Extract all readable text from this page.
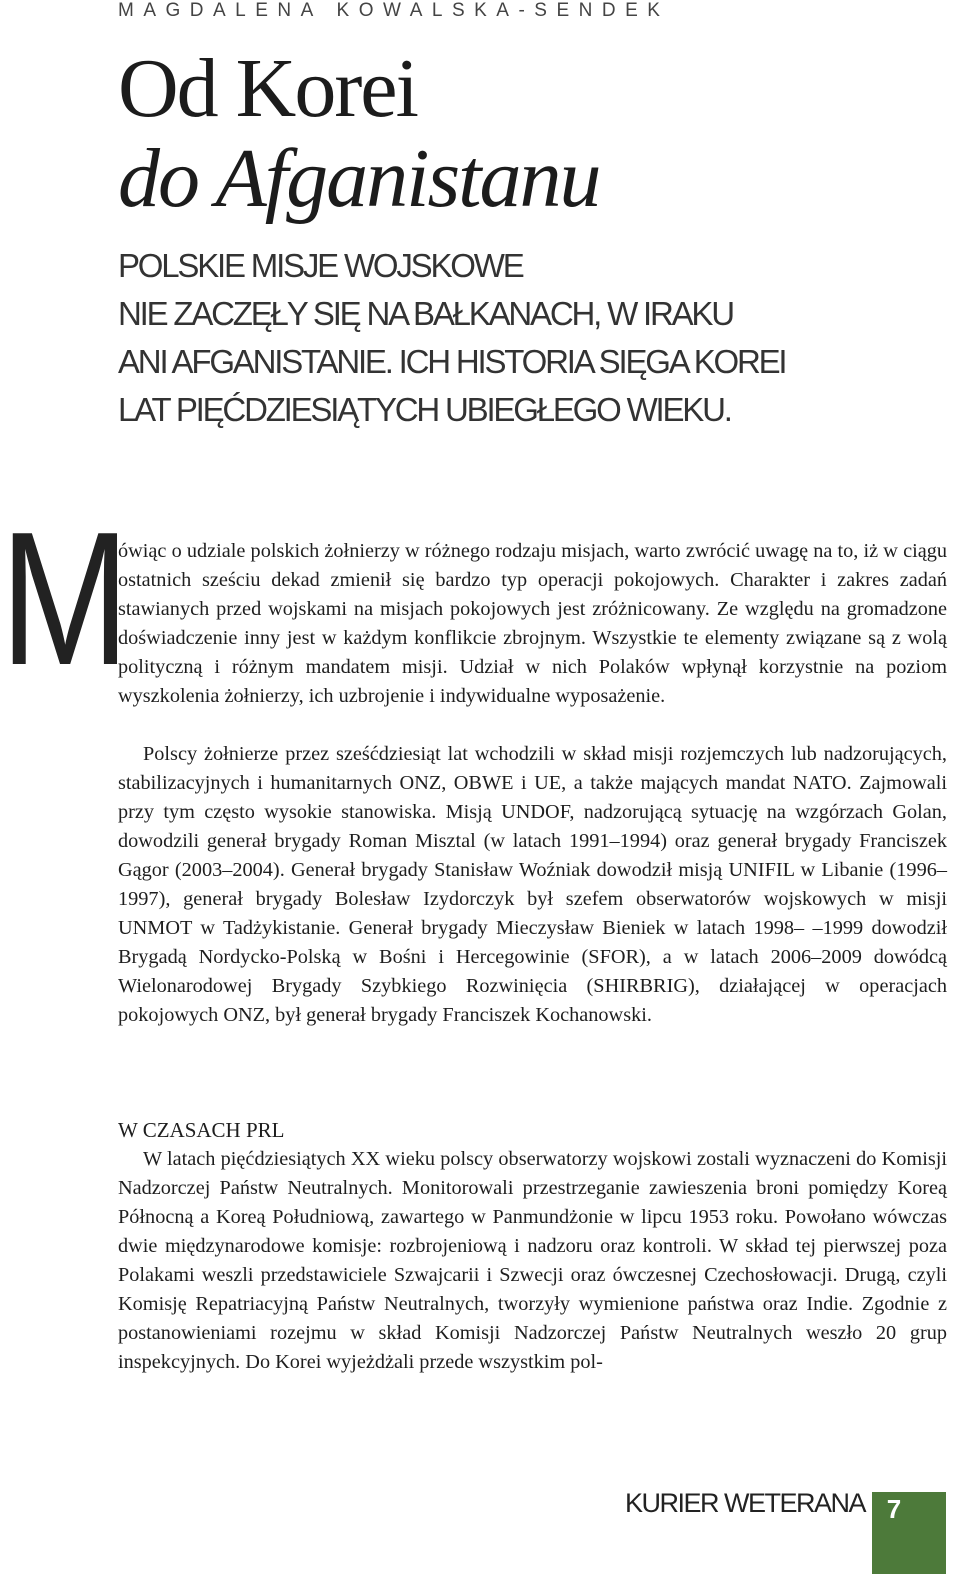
MAGDALENA KOWALSKA-SENDEK
Od Korei
do Afganistanu
POLSKIE MISJE WOJSKOWE
NIE ZACZĘŁY SIĘ NA BAŁKANACH, W IRAKU
ANI AFGANISTANIE. ICH HISTORIA SIĘGA KOREI
LAT PIĘĆDZIESIĄTYCH UBIEGŁEGO WIEKU.
M

ówiąc o udziale polskich żołnierzy w różnego rodzaju misjach, warto zwrócić uwagę na to, iż w ciągu ostatnich sześciu dekad zmienił się bardzo typ operacji pokojowych. Charakter i zakres zadań stawianych przed wojskami na misjach pokojowych jest zróżnicowany. Ze względu na gromadzone doświadczenie inny jest w każdym konflikcie zbrojnym. Wszystkie te elementy związane są z wolą polityczną i różnym mandatem misji. Udział w nich Polaków wpłynął korzystnie na poziom wyszkolenia żołnierzy, ich uzbrojenie i indywidualne wyposażenie.

Polscy żołnierze przez sześćdziesiąt lat wchodzili w skład misji rozjemczych lub nadzorujących, stabilizacyjnych i humanitarnych ONZ, OBWE i UE, a także mających mandat NATO. Zajmowali przy tym często wysokie stanowiska. Misją UNDOF, nadzorującą sytuację na wzgórzach Golan, dowodzili generał brygady Roman Misztal (w latach 1991–1994) oraz generał brygady Franciszek Gągor (2003–2004). Generał brygady Stanisław Woźniak dowodził misją UNIFIL w Libanie (1996–1997), generał brygady Bolesław Izydorczyk był szefem obserwatorów wojskowych w misji UNMOT w Tadżykistanie. Generał brygady Mieczysław Bieniek w latach 1998– –1999 dowodził Brygadą Nordycko-Polską w Bośni i Hercegowinie (SFOR), a w latach 2006–2009 dowódcą Wielonarodowej Brygady Szybkiego Rozwinięcia (SHIRBRIG), działającej w operacjach pokojowych ONZ, był generał brygady Franciszek Kochanowski.

W CZASACH PRL

W latach pięćdziesiątych XX wieku polscy obserwatorzy wojskowi zostali wyznaczeni do Komisji Nadzorczej Państw Neutralnych. Monitorowali przestrzeganie zawieszenia broni pomiędzy Koreą Północną a Koreą Południową, zawartego w Panmundżonie w lipcu 1953 roku. Powołano wówczas dwie międzynarodowe komisje: rozbrojeniową i nadzoru oraz kontroli. W skład tej pierwszej poza Polakami weszli przedstawiciele Szwajcarii i Szwecji oraz ówczesnej Czechosłowacji. Drugą, czyli Komisję Repatriacyjną Państw Neutralnych, tworzyły wymienione państwa oraz Indie. Zgodnie z postanowieniami rozejmu w skład Komisji Nadzorczej Państw Neutralnych weszło 20 grup inspekcyjnych. Do Korei wyjeżdżali przede wszystkim pol-

KURIER WETERANA 7
